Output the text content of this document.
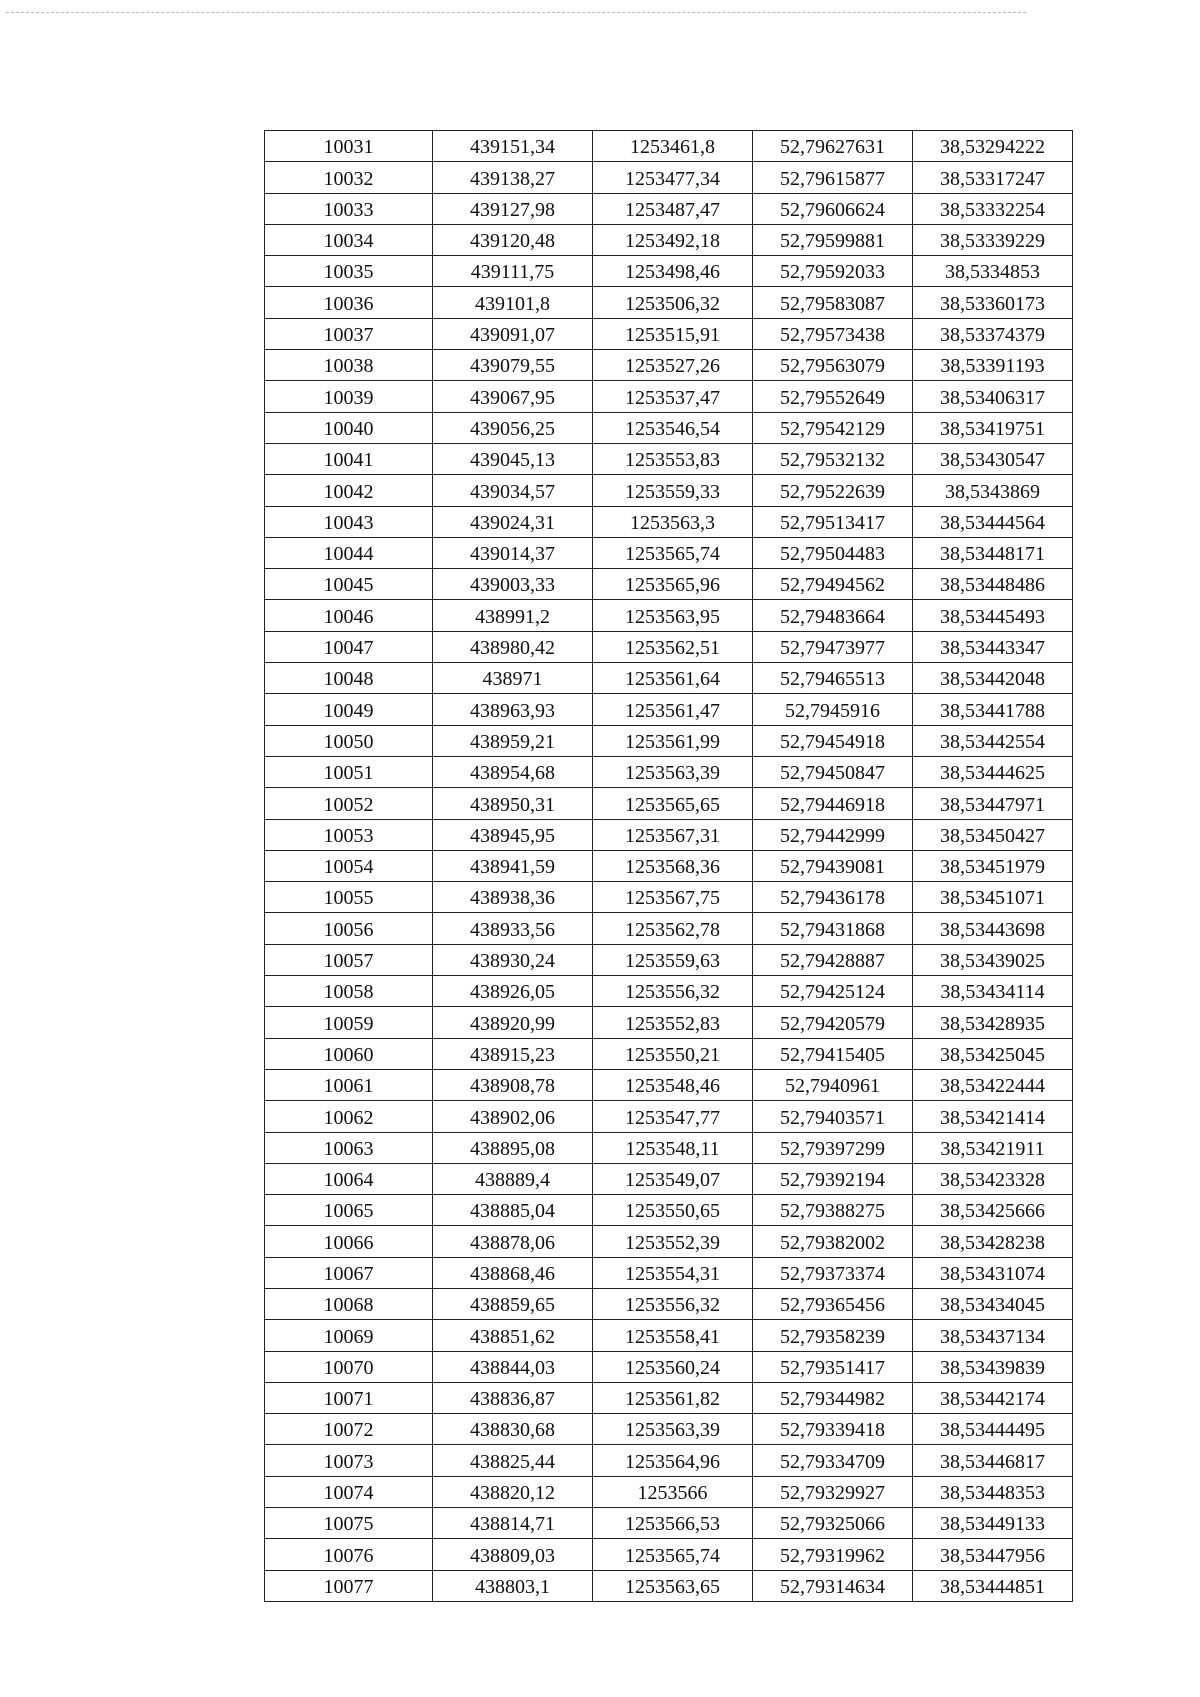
10031	439151,34	1253461,8	52,79627631	38,53294222
10032	439138,27	1253477,34	52,79615877	38,53317247
10033	439127,98	1253487,47	52,79606624	38,53332254
10034	439120,48	1253492,18	52,79599881	38,53339229
10035	439111,75	1253498,46	52,79592033	38,5334853
10036	439101,8	1253506,32	52,79583087	38,53360173
10037	439091,07	1253515,91	52,79573438	38,53374379
10038	439079,55	1253527,26	52,79563079	38,53391193
10039	439067,95	1253537,47	52,79552649	38,53406317
10040	439056,25	1253546,54	52,79542129	38,53419751
10041	439045,13	1253553,83	52,79532132	38,53430547
10042	439034,57	1253559,33	52,79522639	38,5343869
10043	439024,31	1253563,3	52,79513417	38,53444564
10044	439014,37	1253565,74	52,79504483	38,53448171
10045	439003,33	1253565,96	52,79494562	38,53448486
10046	438991,2	1253563,95	52,79483664	38,53445493
10047	438980,42	1253562,51	52,79473977	38,53443347
10048	438971	1253561,64	52,79465513	38,53442048
10049	438963,93	1253561,47	52,7945916	38,53441788
10050	438959,21	1253561,99	52,79454918	38,53442554
10051	438954,68	1253563,39	52,79450847	38,53444625
10052	438950,31	1253565,65	52,79446918	38,53447971
10053	438945,95	1253567,31	52,79442999	38,53450427
10054	438941,59	1253568,36	52,79439081	38,53451979
10055	438938,36	1253567,75	52,79436178	38,53451071
10056	438933,56	1253562,78	52,79431868	38,53443698
10057	438930,24	1253559,63	52,79428887	38,53439025
10058	438926,05	1253556,32	52,79425124	38,53434114
10059	438920,99	1253552,83	52,79420579	38,53428935
10060	438915,23	1253550,21	52,79415405	38,53425045
10061	438908,78	1253548,46	52,7940961	38,53422444
10062	438902,06	1253547,77	52,79403571	38,53421414
10063	438895,08	1253548,11	52,79397299	38,53421911
10064	438889,4	1253549,07	52,79392194	38,53423328
10065	438885,04	1253550,65	52,79388275	38,53425666
10066	438878,06	1253552,39	52,79382002	38,53428238
10067	438868,46	1253554,31	52,79373374	38,53431074
10068	438859,65	1253556,32	52,79365456	38,53434045
10069	438851,62	1253558,41	52,79358239	38,53437134
10070	438844,03	1253560,24	52,79351417	38,53439839
10071	438836,87	1253561,82	52,79344982	38,53442174
10072	438830,68	1253563,39	52,79339418	38,53444495
10073	438825,44	1253564,96	52,79334709	38,53446817
10074	438820,12	1253566	52,79329927	38,53448353
10075	438814,71	1253566,53	52,79325066	38,53449133
10076	438809,03	1253565,74	52,79319962	38,53447956
10077	438803,1	1253563,65	52,79314634	38,53444851
